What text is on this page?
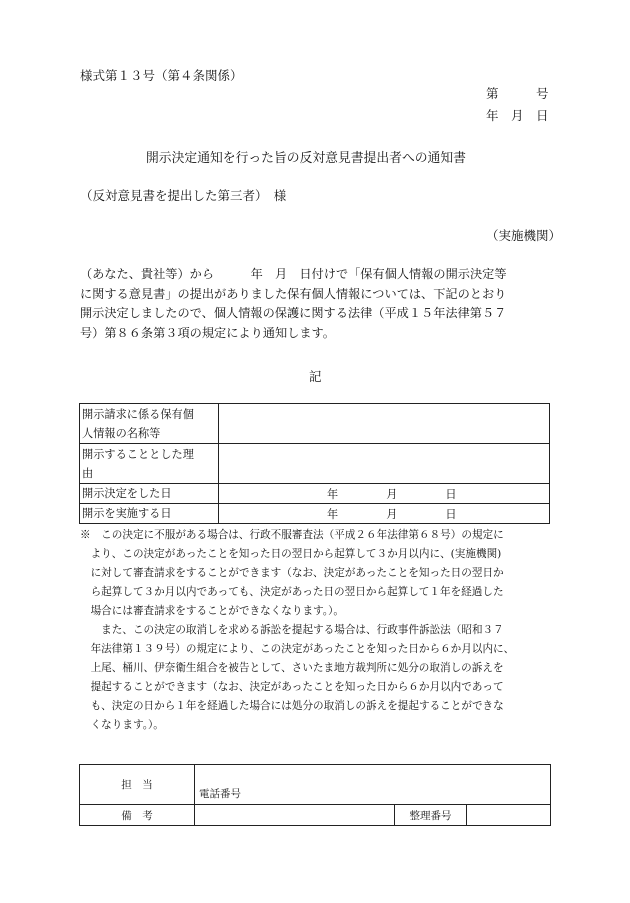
様式第１３号（第４条関係）
第　　　号
年　月　日
開示決定通知を行った旨の反対意見書提出者への通知書
（反対意見書を提出した第三者）　様
（実施機関）
（あなた、貴社等）から　　　年　月　日付けで「保有個人情報の開示決定等
に関する意見書」の提出がありました保有個人情報については、下記のとおり
開示決定しましたので、個人情報の保護に関する法律（平成１５年法律第５７
号）第８６条第３項の規定により通知します。
記
開示請求に係る保有個
人情報の名称等	
開示することとした理
由	
開示決定をした日	年 月 日

開示を実施する日	年 月 日
※　この決定に不服がある場合は、行政不服審査法（平成２６年法律第６８号）の規定に
　より、この決定があったことを知った日の翌日から起算して３か月以内に、(実施機関)
　に対して審査請求をすることができます（なお、決定があったことを知った日の翌日か
　ら起算して３か月以内であっても、決定があった日の翌日から起算して１年を経過した
　場合には審査請求をすることができなくなります。）。
　　また、この決定の取消しを求める訴訟を提起する場合は、行政事件訴訟法（昭和３７
　年法律第１３９号）の規定により、この決定があったことを知った日から６か月以内に、
　上尾、桶川、伊奈衛生組合を被告として、さいたま地方裁判所に処分の取消しの訴えを
　提起することができます（なお、決定があったことを知った日から６か月以内であって
　も、決定の日から１年を経過した場合には処分の取消しの訴えを提起することができな
　くなります。）。
担　当	電話番号		
備　考		整理番号	
